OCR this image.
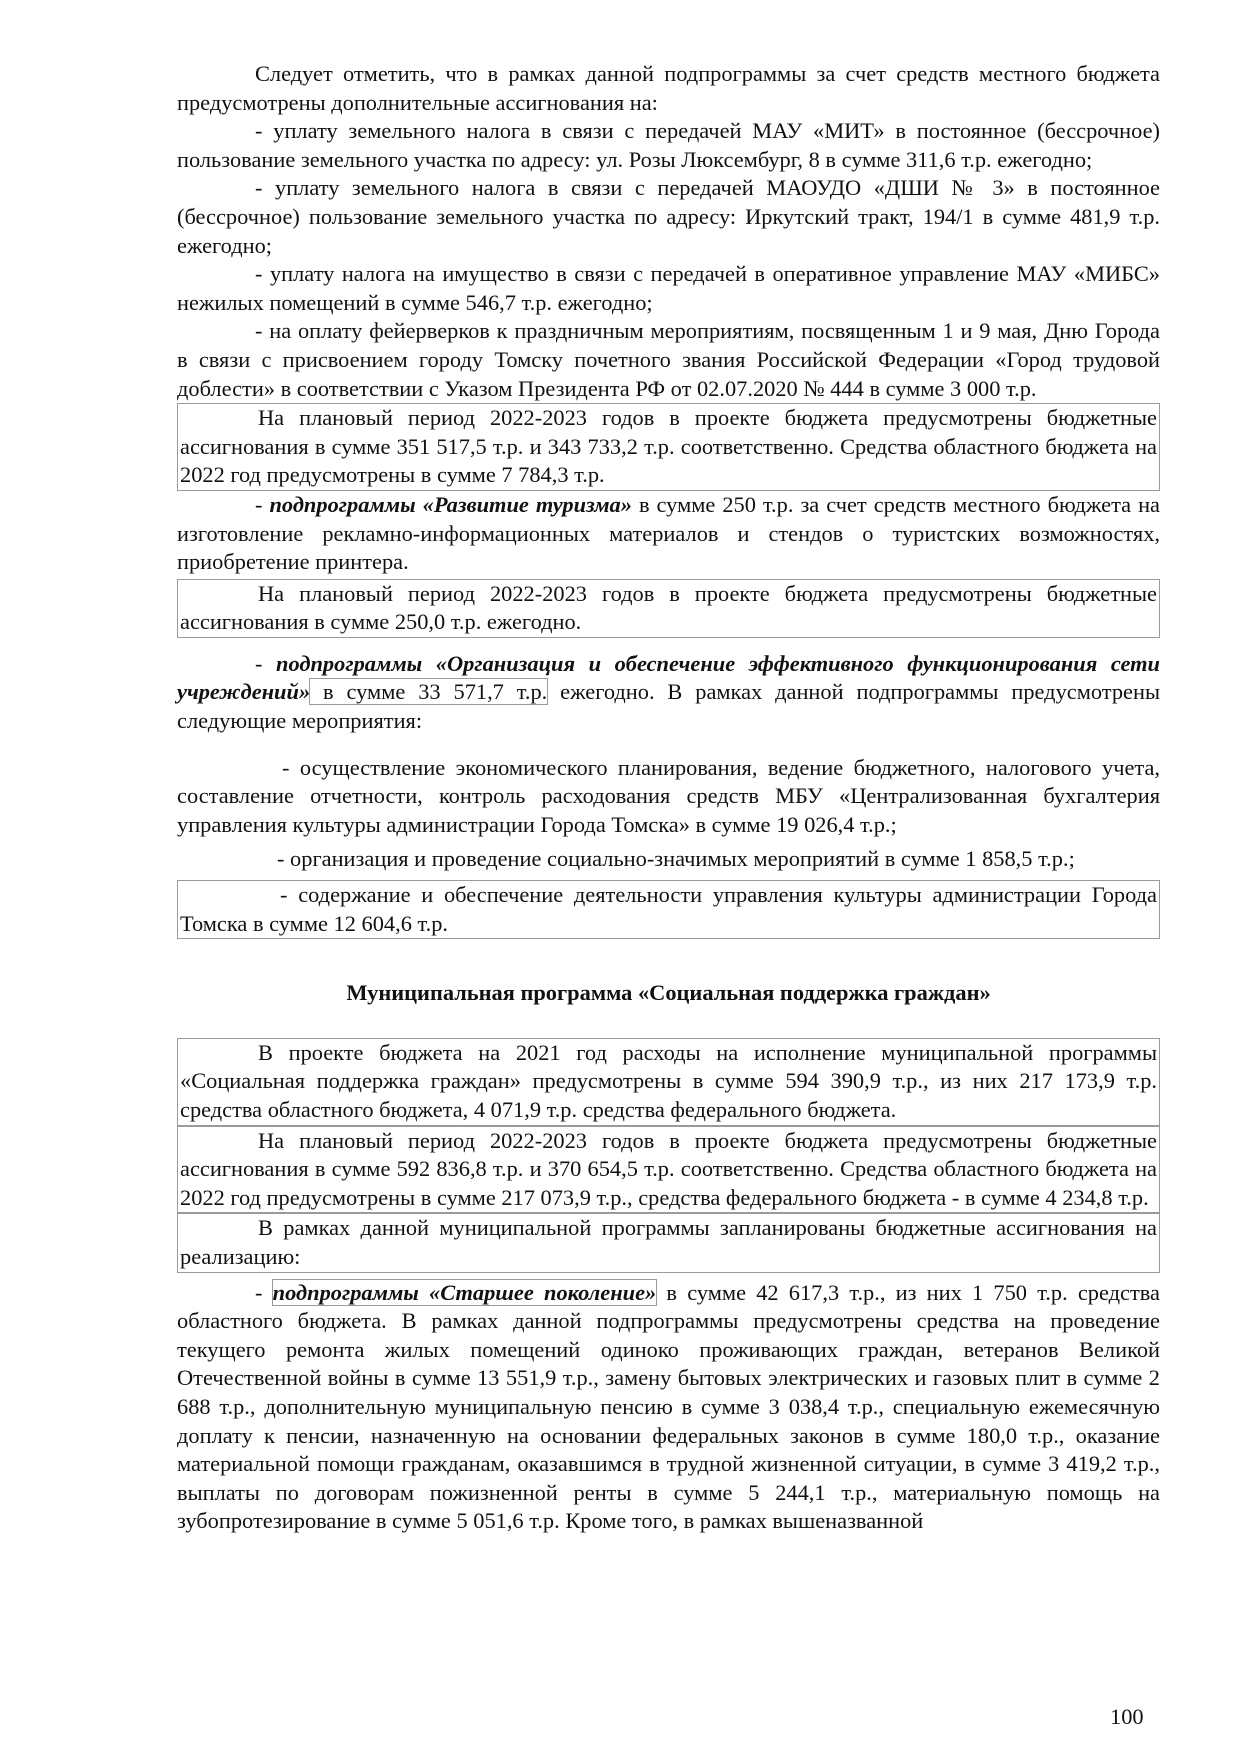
Следует отметить, что в рамках данной подпрограммы за счет средств местного бюджета предусмотрены дополнительные ассигнования на:

- уплату земельного налога в связи с передачей МАУ «МИТ» в постоянное (бессрочное) пользование земельного участка по адресу: ул. Розы Люксембург, 8 в сумме 311,6 т.р. ежегодно;

- уплату земельного налога в связи с передачей МАОУДО «ДШИ № 3» в постоянное (бессрочное) пользование земельного участка по адресу: Иркутский тракт, 194/1 в сумме 481,9 т.р. ежегодно;

- уплату налога на имущество в связи с передачей в оперативное управление МАУ «МИБС» нежилых помещений в сумме 546,7 т.р. ежегодно;

- на оплату фейерверков к праздничным мероприятиям, посвященным 1 и 9 мая, Дню Города в связи с присвоением городу Томску почетного звания Российской Федерации «Город трудовой доблести» в соответствии с Указом Президента РФ от 02.07.2020 № 444 в сумме 3 000 т.р.

На плановый период 2022-2023 годов в проекте бюджета предусмотрены бюджетные ассигнования в сумме 351 517,5 т.р. и 343 733,2 т.р. соответственно. Средства областного бюджета на 2022 год предусмотрены в сумме 7 784,3 т.р.

- подпрограммы «Развитие туризма» в сумме 250 т.р. за счет средств местного бюджета на изготовление рекламно-информационных материалов и стендов о туристских возможностях, приобретение принтера.

На плановый период 2022-2023 годов в проекте бюджета предусмотрены бюджетные ассигнования в сумме 250,0 т.р. ежегодно.

- подпрограммы «Организация и обеспечение эффективного функционирования сети учреждений» в сумме 33 571,7 т.р. ежегодно. В рамках данной подпрограммы предусмотрены следующие мероприятия:

- осуществление экономического планирования, ведение бюджетного, налогового учета, составление отчетности, контроль расходования средств МБУ «Централизованная бухгалтерия управления культуры администрации Города Томска» в сумме 19 026,4 т.р.;

- организация и проведение социально-значимых мероприятий в сумме 1 858,5 т.р.;

- содержание и обеспечение деятельности управления культуры администрации Города Томска в сумме 12 604,6 т.р.

Муниципальная программа «Социальная поддержка граждан»

В проекте бюджета на 2021 год расходы на исполнение муниципальной программы «Социальная поддержка граждан» предусмотрены в сумме 594 390,9 т.р., из них 217 173,9 т.р. средства областного бюджета, 4 071,9 т.р. средства федерального бюджета.

На плановый период 2022-2023 годов в проекте бюджета предусмотрены бюджетные ассигнования в сумме 592 836,8 т.р. и 370 654,5 т.р. соответственно. Средства областного бюджета на 2022 год предусмотрены в сумме 217 073,9 т.р., средства федерального бюджета - в сумме 4 234,8 т.р.

В рамках данной муниципальной программы запланированы бюджетные ассигнования на реализацию:

- подпрограммы «Старшее поколение» в сумме 42 617,3 т.р., из них 1 750 т.р. средства областного бюджета. В рамках данной подпрограммы предусмотрены средства на проведение текущего ремонта жилых помещений одиноко проживающих граждан, ветеранов Великой Отечественной войны в сумме 13 551,9 т.р., замену бытовых электрических и газовых плит в сумме 2 688 т.р., дополнительную муниципальную пенсию в сумме 3 038,4 т.р., специальную ежемесячную доплату к пенсии, назначенную на основании федеральных законов в сумме 180,0 т.р., оказание материальной помощи гражданам, оказавшимся в трудной жизненной ситуации, в сумме 3 419,2 т.р., выплаты по договорам пожизненной ренты в сумме 5 244,1 т.р., материальную помощь на зубопротезирование в сумме 5 051,6 т.р. Кроме того, в рамках вышеназванной

100
